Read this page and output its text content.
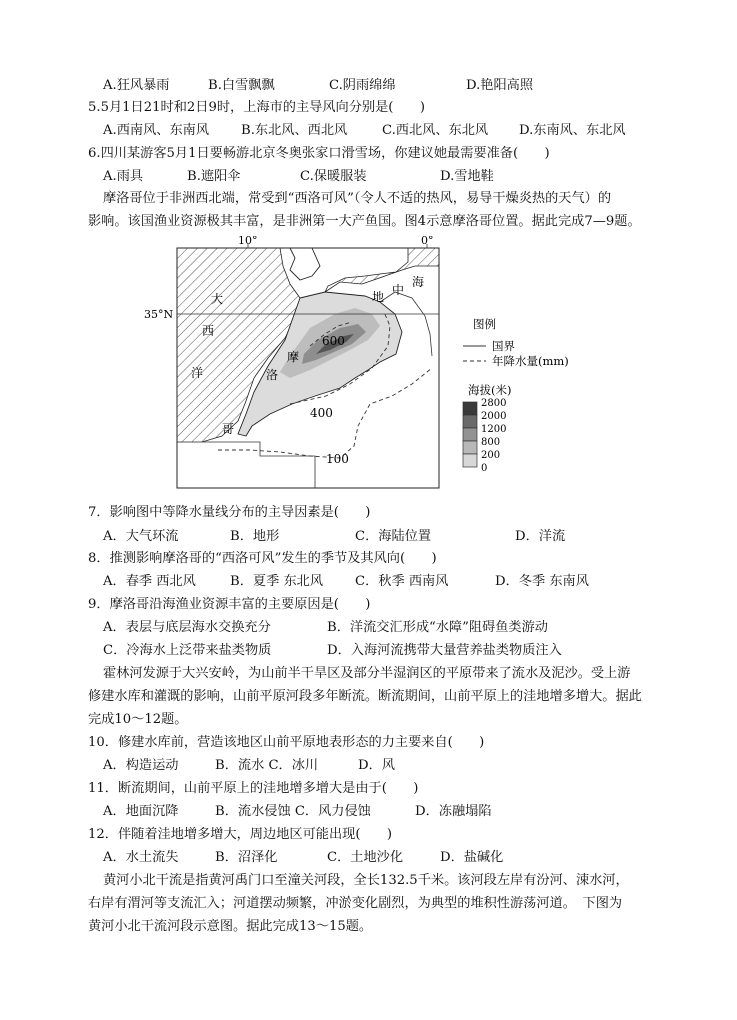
A.狂风暴雨	B.白雪飘飘	C.阴雨绵绵	D.艳阳高照
5.5月1日21时和2日9时，上海市的主导风向分别是(　　)
A.西南风、东南风 B.东北风、西北风	C.西北风、东北风 D.东南风、东北风
6.四川某游客5月1日要畅游北京冬奥张家口滑雪场，你建议她最需要准备(　　)
A.雨具	B.遮阳伞	C.保暖服装	D.雪地鞋
摩洛哥位于非洲西北端，常受到“西洛可风”（令人不适的热风，易导干燥炎热的天气）的
影响。该国渔业资源极其丰富，是非洲第一大产鱼国。图4示意摩洛哥位置。据此完成7—9题。
10°	0°
35°N
大
西
洋
地 中
海
摩
洛
哥
600
400
100
图例
国界
年降水量(mm)
海拔(米)
2800
2000
1200
800
200
0
7．影响图中等降水量线分布的主导因素是(　　)
A．大气环流	B．地形	C．海陆位置	D．洋流
8．推测影响摩洛哥的“西洛可风”发生的季节及其风向(　　)
A．春季 西北风	B．夏季 东北风 C．秋季 西南风	D．冬季 东南风
9．摩洛哥沿海渔业资源丰富的主要原因是(　　)
A．表层与底层海水交换充分	B．洋流交汇形成“水障”阻碍鱼类游动
C．冷海水上泛带来盐类物质	D．入海河流携带大量营养盐类物质注入
霍林河发源于大兴安岭，为山前半干旱区及部分半湿润区的平原带来了流水及泥沙。受上游
修建水库和灌溉的影响，山前平原河段多年断流。断流期间，山前平原上的洼地增多增大。据此
完成10～12题。
10．修建水库前，营造该地区山前平原地表形态的力主要来自(　　)
A．构造运动	B．流水 C．冰川	D．风
11．断流期间，山前平原上的洼地增多增大是由于(　　)
A．地面沉降	B．流水侵蚀 C．风力侵蚀	D．冻融塌陷
12．伴随着洼地增多增大，周边地区可能出现(　　)
A．水土流失	B．沼泽化	C．土地沙化	D．盐碱化
黄河小北干流是指黄河禹门口至潼关河段，全长132.5千米。该河段左岸有汾河、涑水河，
右岸有渭河等支流汇入；河道摆动频繁，冲淤变化剧烈，为典型的堆积性游荡河道。　下图为
黄河小北干流河段示意图。据此完成13～15题。
